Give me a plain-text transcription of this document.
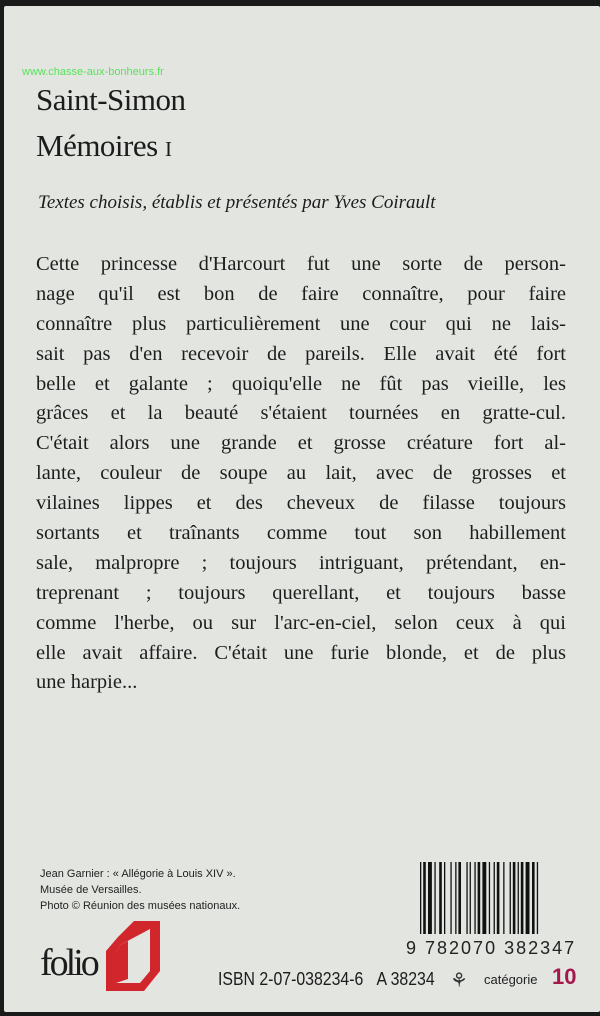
www.chasse-aux-bonheurs.fr
Saint-Simon
Mémoires I
Textes choisis, établis et présentés par Yves Coirault
Cette princesse d'Harcourt fut une sorte de person-
nage qu'il est bon de faire connaître, pour faire
connaître plus particulièrement une cour qui ne lais-
sait pas d'en recevoir de pareils. Elle avait été fort
belle et galante ; quoiqu'elle ne fût pas vieille, les
grâces et la beauté s'étaient tournées en gratte-cul.
C'était alors une grande et grosse créature fort al-
lante, couleur de soupe au lait, avec de grosses et
vilaines lippes et des cheveux de filasse toujours
sortants et traînants comme tout son habillement
sale, malpropre ; toujours intriguant, prétendant, en-
treprenant ; toujours querellant, et toujours basse
comme l'herbe, ou sur l'arc-en-ciel, selon ceux à qui
elle avait affaire. C'était une furie blonde, et de plus
une harpie...
Jean Garnier : « Allégorie à Louis XIV ».
Musée de Versailles.
Photo © Réunion des musées nationaux.
folio	9 782070 382347
ISBN 2-07-038234-6 A 38234 ⚘ catégorie 10
